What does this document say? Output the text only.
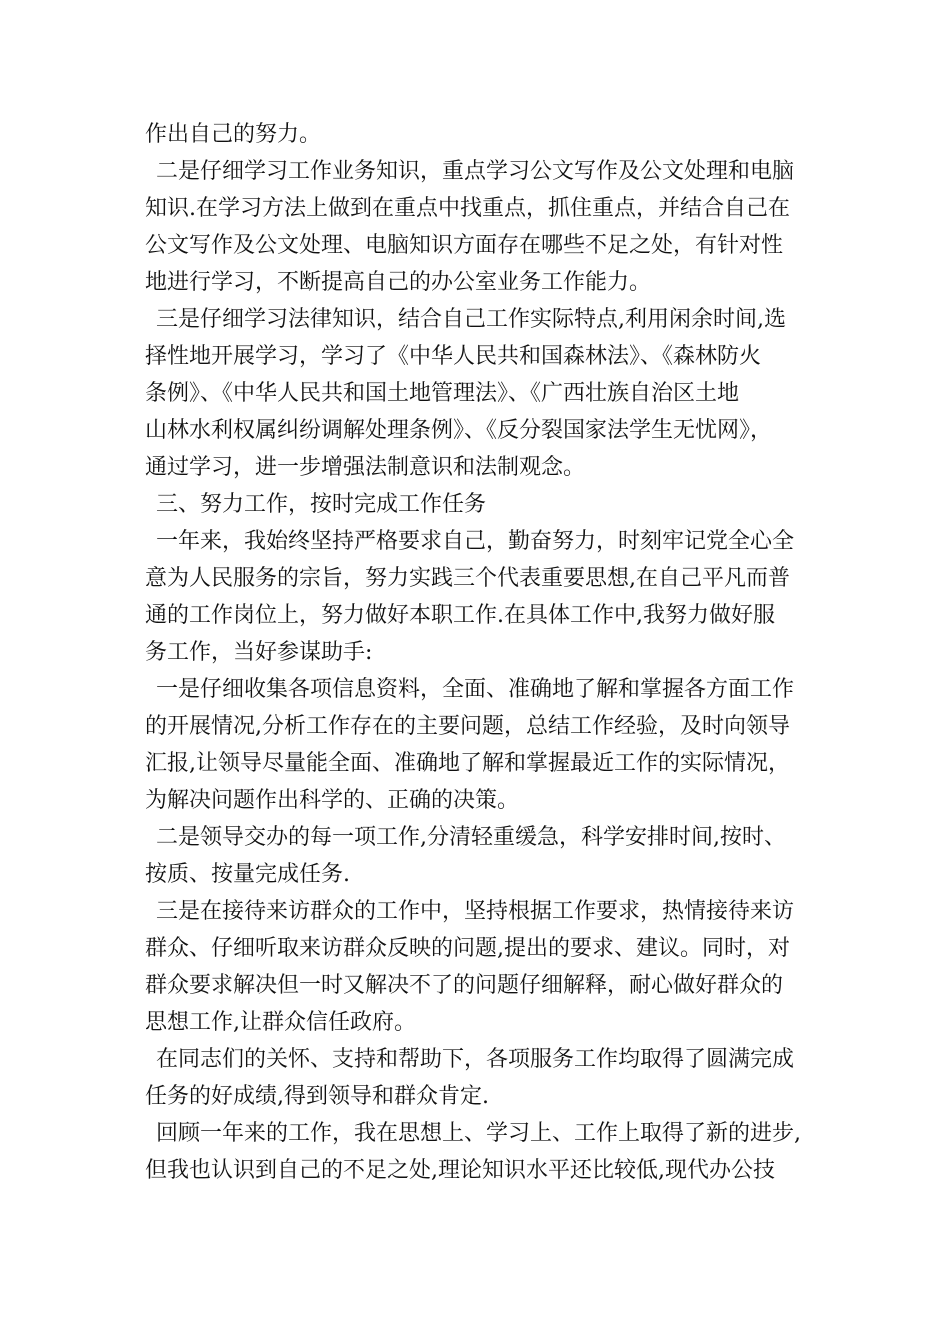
作出自己的努力。
二是仔细学习工作业务知识，重点学习公文写作及公文处理和电脑
知识.在学习方法上做到在重点中找重点，抓住重点，并结合自己在
公文写作及公文处理、电脑知识方面存在哪些不足之处，有针对性
地进行学习，不断提高自己的办公室业务工作能力。
三是仔细学习法律知识，结合自己工作实际特点,利用闲余时间,选
择性地开展学习，学习了《中华人民共和国森林法》、《森林防火
条例》、《中华人民共和国土地管理法》、《广西壮族自治区土地
山林水利权属纠纷调解处理条例》、《反分裂国家法学生无忧网》，
通过学习，进一步增强法制意识和法制观念。
三、努力工作，按时完成工作任务
一年来，我始终坚持严格要求自己，勤奋努力，时刻牢记党全心全
意为人民服务的宗旨，努力实践三个代表重要思想,在自己平凡而普
通的工作岗位上，努力做好本职工作.在具体工作中,我努力做好服
务工作，当好参谋助手:
一是仔细收集各项信息资料，全面、准确地了解和掌握各方面工作
的开展情况,分析工作存在的主要问题，总结工作经验，及时向领导
汇报,让领导尽量能全面、准确地了解和掌握最近工作的实际情况，
为解决问题作出科学的、正确的决策。
二是领导交办的每一项工作,分清轻重缓急，科学安排时间,按时、
按质、按量完成任务.
三是在接待来访群众的工作中，坚持根据工作要求，热情接待来访
群众、仔细听取来访群众反映的问题,提出的要求、建议。同时，对
群众要求解决但一时又解决不了的问题仔细解释，耐心做好群众的
思想工作,让群众信任政府。
在同志们的关怀、支持和帮助下，各项服务工作均取得了圆满完成
任务的好成绩,得到领导和群众肯定.
回顾一年来的工作，我在思想上、学习上、工作上取得了新的进步,
但我也认识到自己的不足之处,理论知识水平还比较低,现代办公技
